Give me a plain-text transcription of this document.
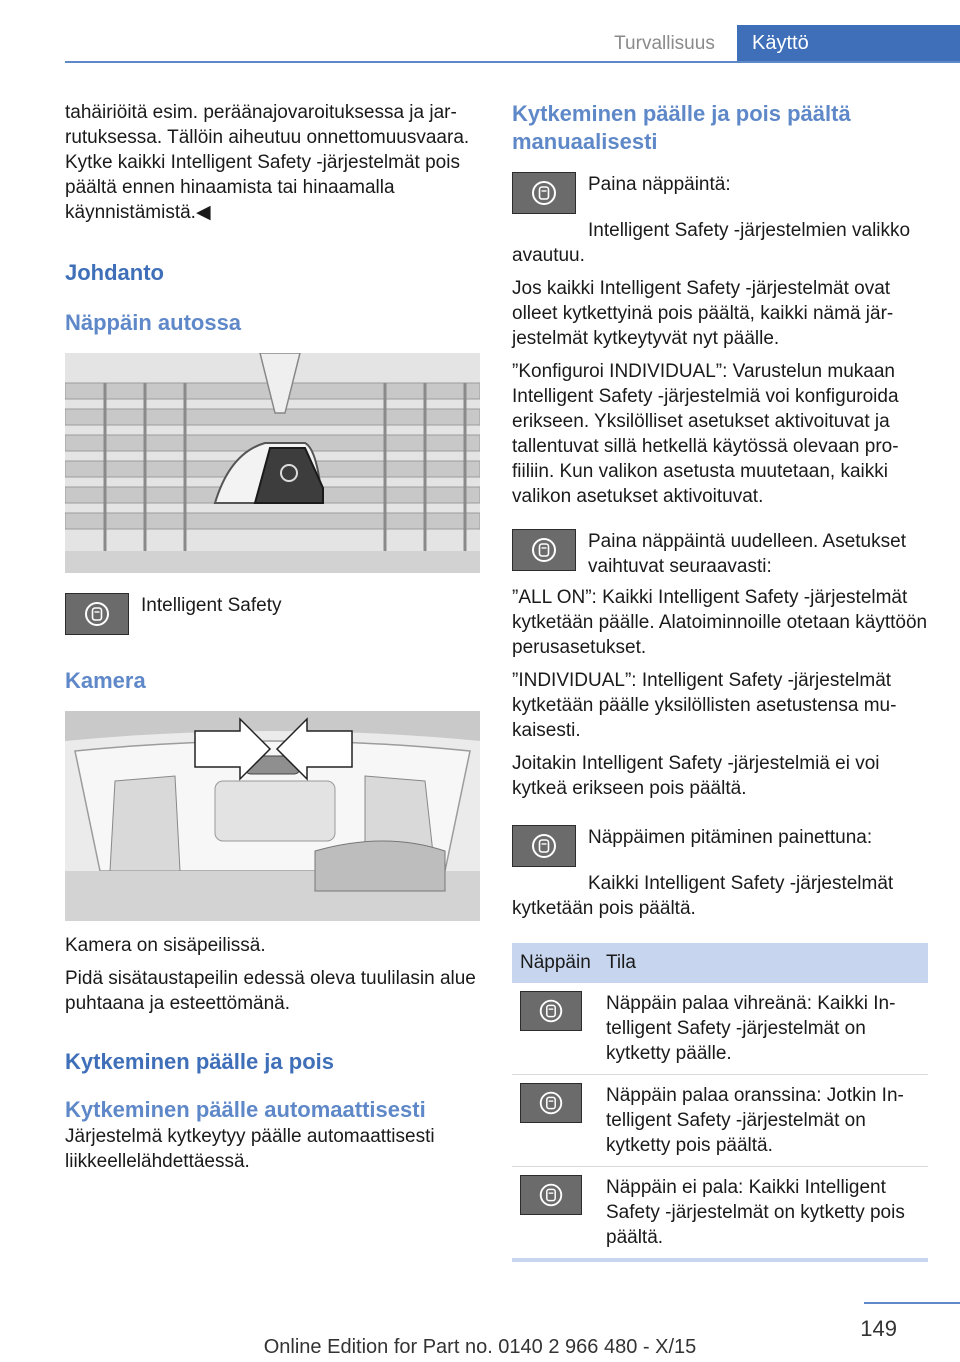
Turvallisuus	Käyttö

tahäiriöitä esim. peräänajovaroituksessa ja jarrutuksessa. Tällöin aiheutuu onnettomuusvaara. Kytke kaikki Intelligent Safety -järjestelmät pois päältä ennen hinaamista tai hinaamalla käynnistämistä.◀

Johdanto
Näppäin autossa
Intelligent Safety
Kamera

Kamera on sisäpeilissä.

Pidä sisätaustapeilin edessä oleva tuulilasin alue puhtaana ja esteettömänä.

Kytkeminen päälle ja pois
Kytkeminen päälle automaattisesti

Järjestelmä kytkeytyy päälle automaattisesti liikkeellelähdettäessä.

Kytkeminen päälle ja pois päältä manuaalisesti
Paina näppäintä:

Intelligent Safety -järjestelmien valikko avautuu.

Jos kaikki Intelligent Safety -järjestelmät ovat olleet kytkettyinä pois päältä, kaikki nämä järjestelmät kytkeytyvät nyt päälle.

”Konfiguroi INDIVIDUAL”: Varustelun mukaan Intelligent Safety -järjestelmiä voi konfiguroida erikseen. Yksilölliset asetukset aktivoituvat ja tallentuvat sillä hetkellä käytössä olevaan profiiliin. Kun valikon asetusta muutetaan, kaikki valikon asetukset aktivoituvat.

Paina näppäintä uudelleen. Asetukset vaihtuvat seuraavasti:

”ALL ON”: Kaikki Intelligent Safety -järjestelmät kytketään päälle. Alatoiminnoille otetaan käyttöön perusasetukset.

”INDIVIDUAL”: Intelligent Safety -järjestelmät kytketään päälle yksilöllisten asetustensa mukaisesti.

Joitakin Intelligent Safety -järjestelmiä ei voi kytkeä erikseen pois päältä.

Näppäimen pitäminen painettuna:

Kaikki Intelligent Safety -järjestelmät kytketään pois päältä.

Näppäin	Tila

	Näppäin palaa vihreänä: Kaikki Intelligent Safety -järjestelmät on kytketty päälle.

	Näppäin palaa oranssina: Jotkin Intelligent Safety -järjestelmät on kytketty pois päältä.

	Näppäin ei pala: Kaikki Intelligent Safety -järjestelmät on kytketty pois päältä.
149
Online Edition for Part no. 0140 2 966 480 - X/15
